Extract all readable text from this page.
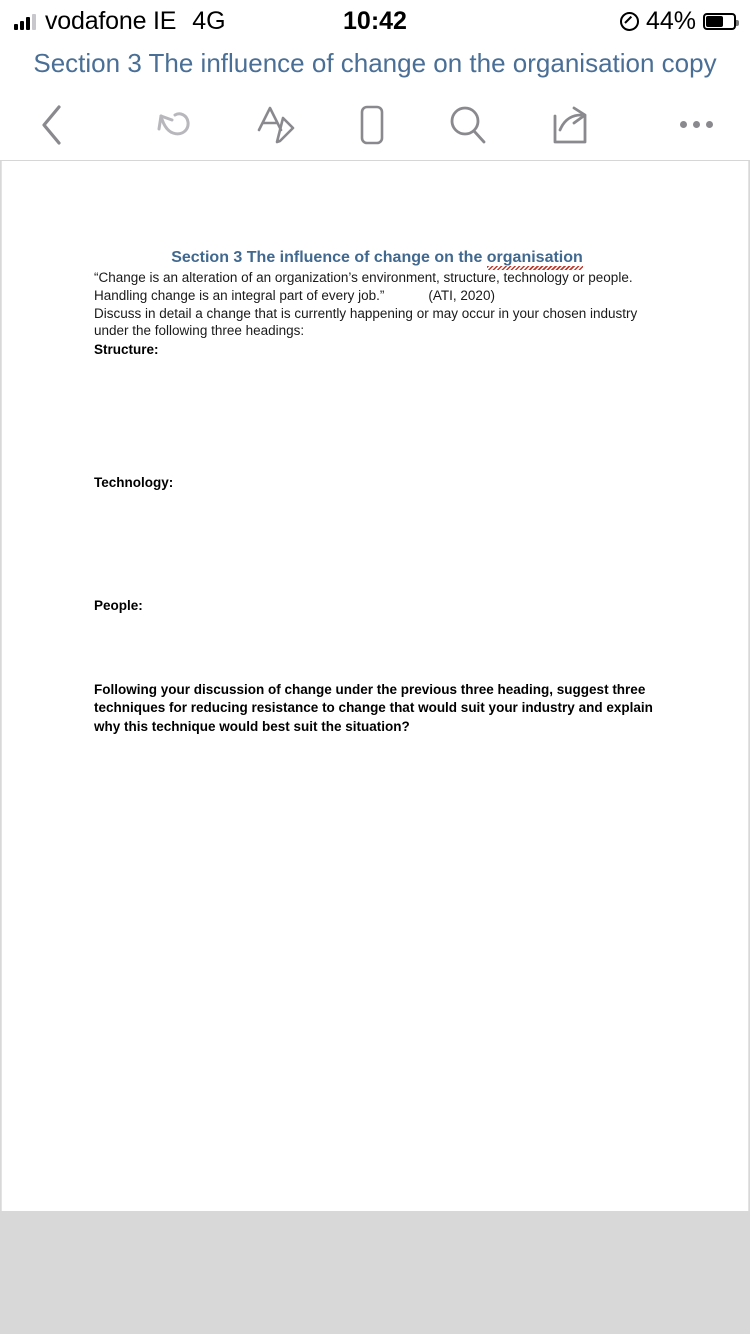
vodafone IE 4G	10:42	44%
Section 3 The influence of change on the organisation copy
Section 3 The influence of change on the organisation

“Change is an alteration of an organization’s environment, structure, technology or people. Handling change is an integral part of every job.”	(ATI, 2020)

Discuss in detail a change that is currently happening or may occur in your chosen industry under the following three headings:

Structure:

Technology:

People:

Following your discussion of change under the previous three heading, suggest three techniques for reducing resistance to change that would suit your industry and explain why this technique would best suit the situation?
